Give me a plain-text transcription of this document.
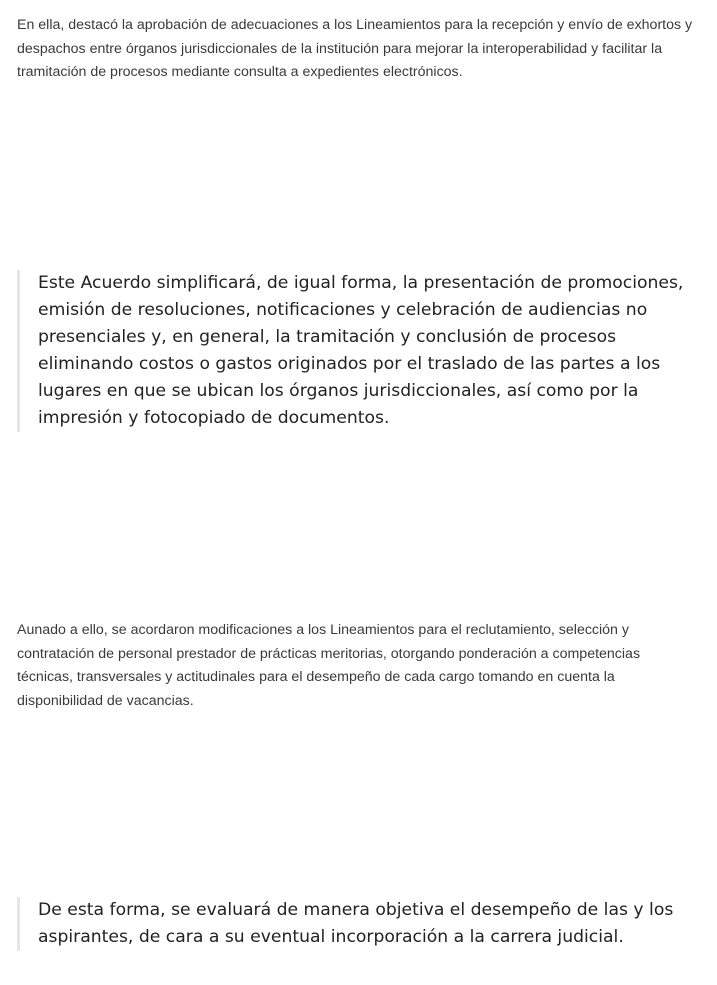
En ella, destacó la aprobación de adecuaciones a los Lineamientos para la recepción y envío de exhortos y despachos entre órganos jurisdiccionales de la institución para mejorar la interoperabilidad y facilitar la tramitación de procesos mediante consulta a expedientes electrónicos.

Este Acuerdo simplificará, de igual forma, la presentación de promociones, emisión de resoluciones, notificaciones y celebración de audiencias no presenciales y, en general, la tramitación y conclusión de procesos eliminando costos o gastos originados por el traslado de las partes a los lugares en que se ubican los órganos jurisdiccionales, así como por la impresión y fotocopiado de documentos.

Aunado a ello, se acordaron modificaciones a los Lineamientos para el reclutamiento, selección y contratación de personal prestador de prácticas meritorias, otorgando ponderación a competencias técnicas, transversales y actitudinales para el desempeño de cada cargo tomando en cuenta la disponibilidad de vacancias.

De esta forma, se evaluará de manera objetiva el desempeño de las y los aspirantes, de cara a su eventual incorporación a la carrera judicial.
